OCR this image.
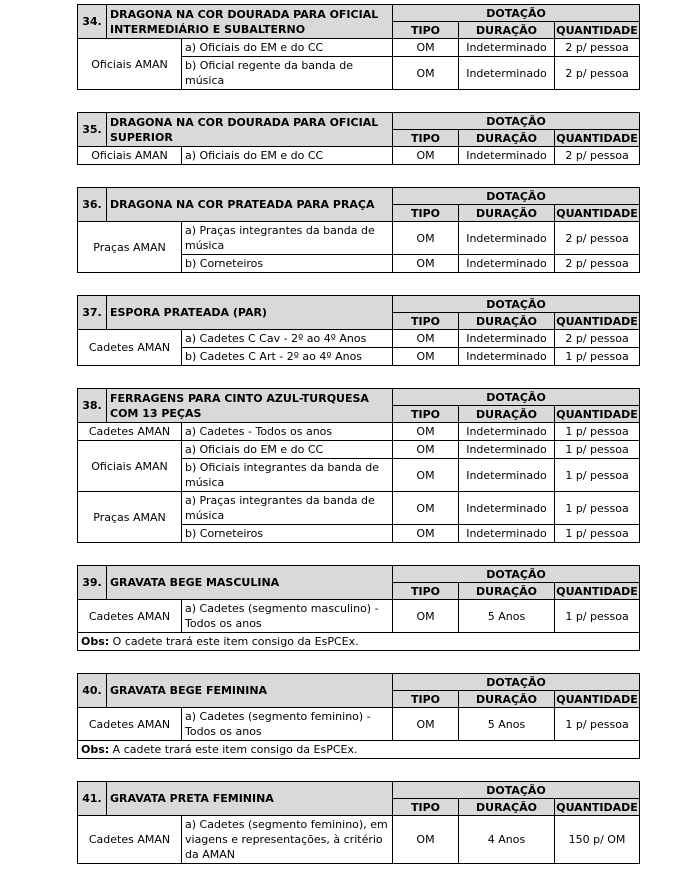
34.	DRAGONA NA COR DOURADA PARA OFICIAL INTERMEDIÁRIO E SUBALTERNO		DOTAÇÃO		
			TIPO	DURAÇÃO	QUANTIDADE
Oficiais AMAN		a) Oficiais do EM e do CC	OM	Indeterminado	2 p/ pessoa
		b) Oficial regente da banda de música	OM	Indeterminado	2 p/ pessoa
35.	DRAGONA NA COR DOURADA PARA OFICIAL SUPERIOR		DOTAÇÃO		
			TIPO	DURAÇÃO	QUANTIDADE
Oficiais AMAN		a) Oficiais do EM e do CC	OM	Indeterminado	2 p/ pessoa
36.	DRAGONA NA COR PRATEADA PARA PRAÇA		DOTAÇÃO		
			TIPO	DURAÇÃO	QUANTIDADE
Praças AMAN		a) Praças integrantes da banda de música	OM	Indeterminado	2 p/ pessoa
		b) Corneteiros	OM	Indeterminado	2 p/ pessoa
37.	ESPORA PRATEADA (PAR)		DOTAÇÃO		
			TIPO	DURAÇÃO	QUANTIDADE
Cadetes AMAN		a) Cadetes C Cav - 2º ao 4º Anos	OM	Indeterminado	2 p/ pessoa
		b) Cadetes C Art - 2º ao 4º Anos	OM	Indeterminado	1 p/ pessoa
38.	FERRAGENS PARA CINTO AZUL-TURQUESA COM 13 PEÇAS		DOTAÇÃO		
			TIPO	DURAÇÃO	QUANTIDADE
Cadetes AMAN		a) Cadetes - Todos os anos	OM	Indeterminado	1 p/ pessoa
Oficiais AMAN		a) Oficiais do EM e do CC	OM	Indeterminado	1 p/ pessoa
		b) Oficiais integrantes da banda de música	OM	Indeterminado	1 p/ pessoa
Praças AMAN		a) Praças integrantes da banda de música	OM	Indeterminado	1 p/ pessoa
		b) Corneteiros	OM	Indeterminado	1 p/ pessoa
39.	GRAVATA BEGE MASCULINA		DOTAÇÃO		
			TIPO	DURAÇÃO	QUANTIDADE
Cadetes AMAN		a) Cadetes (segmento masculino) - Todos os anos	OM	5 Anos	1 p/ pessoa
Obs: O cadete trará este item consigo da EsPCEx.					
40.	GRAVATA BEGE FEMININA		DOTAÇÃO		
			TIPO	DURAÇÃO	QUANTIDADE
Cadetes AMAN		a) Cadetes (segmento feminino) - Todos os anos	OM	5 Anos	1 p/ pessoa
Obs: A cadete trará este item consigo da EsPCEx.					
41.	GRAVATA PRETA FEMININA		DOTAÇÃO		
			TIPO	DURAÇÃO	QUANTIDADE
Cadetes AMAN		a) Cadetes (segmento feminino), em viagens e representações, à critério da AMAN	OM	4 Anos	150 p/ OM
